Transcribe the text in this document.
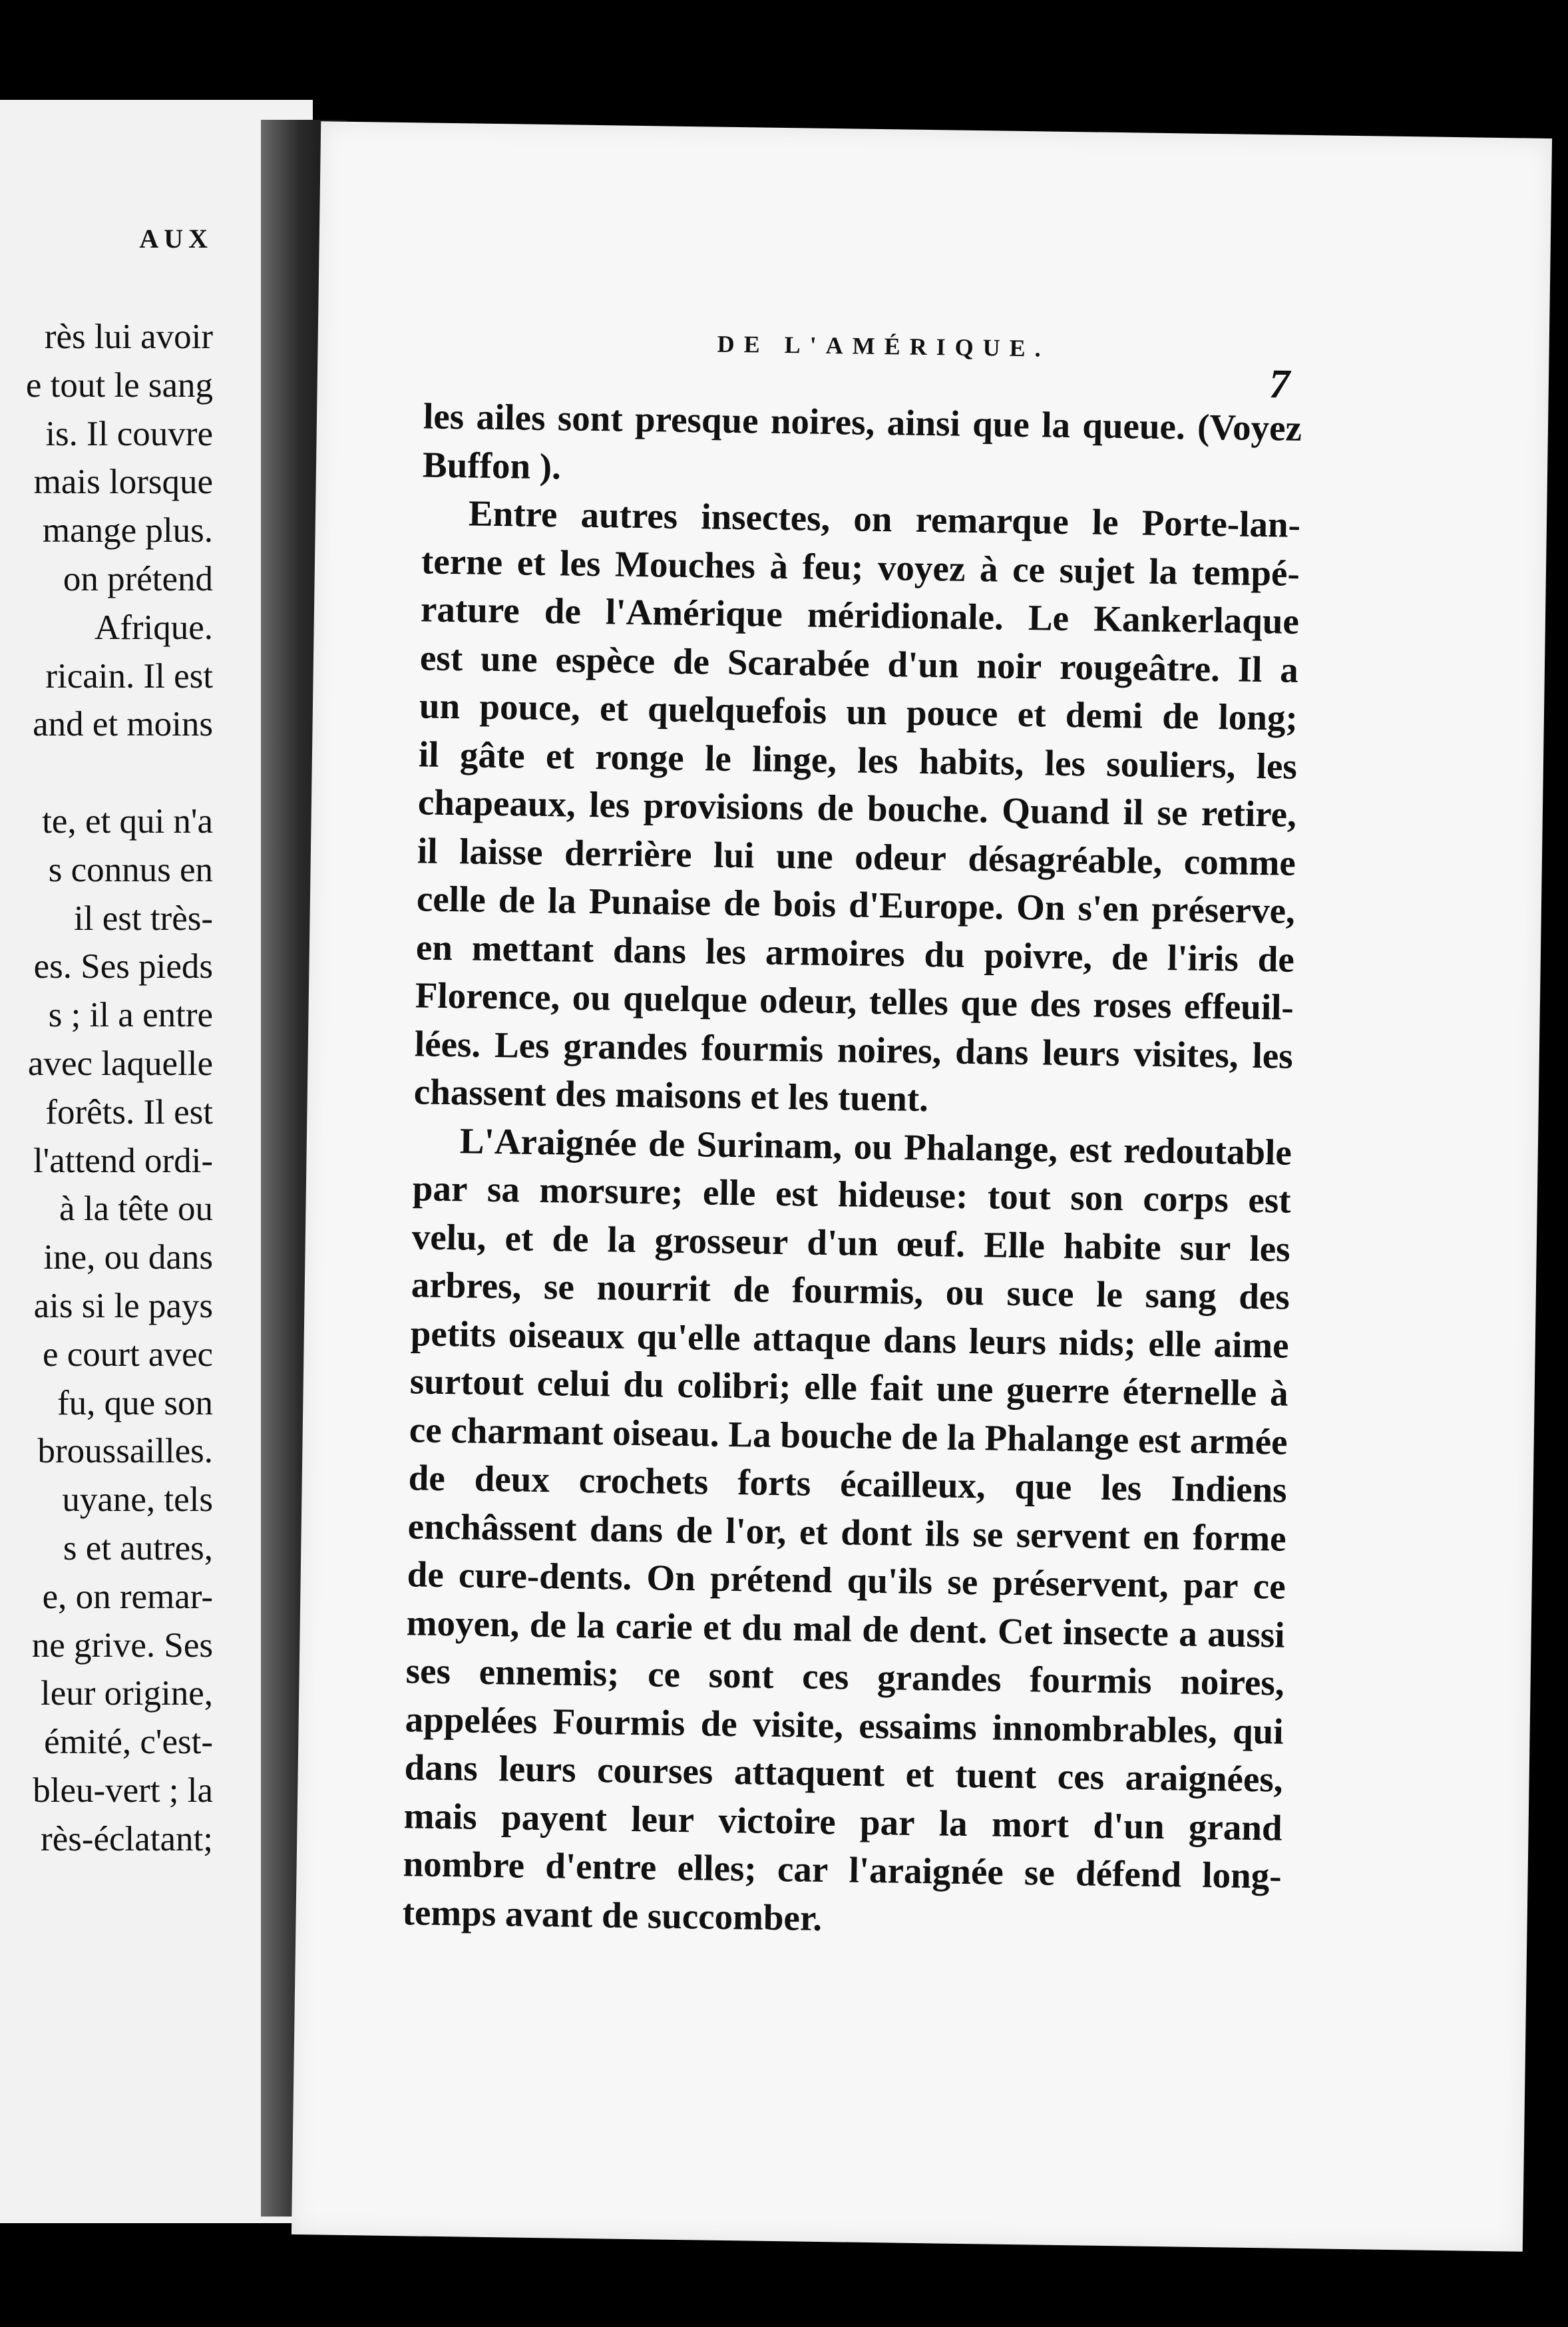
AUX
rès lui avoir
e tout le sang
is. Il couvre
mais lorsque
mange plus.
on prétend
Afrique.
ricain. Il est
and et moins
te, et qui n'a
s connus en
il est très-
es. Ses pieds
s ; il a entre
avec laquelle
forêts. Il est
l'attend ordi-
à la tête ou
ine, ou dans
ais si le pays
e court avec
fu, que son
broussailles.
uyane, tels
s et autres,
e, on remar-
ne grive. Ses
leur origine,
émité, c'est-
bleu-vert ; la
rès-éclatant;
DE L'AMÉRIQUE.
7
les ailes sont presque noires, ainsi que la queue. (Voyez
Buffon ).
Entre autres insectes, on remarque le Porte-lan-
terne et les Mouches à feu; voyez à ce sujet la tempé-
rature de l'Amérique méridionale. Le Kankerlaque
est une espèce de Scarabée d'un noir rougeâtre. Il a
un pouce, et quelquefois un pouce et demi de long;
il gâte et ronge le linge, les habits, les souliers, les
chapeaux, les provisions de bouche. Quand il se retire,
il laisse derrière lui une odeur désagréable, comme
celle de la Punaise de bois d'Europe. On s'en préserve,
en mettant dans les armoires du poivre, de l'iris de
Florence, ou quelque odeur, telles que des roses effeuil-
lées. Les grandes fourmis noires, dans leurs visites, les
chassent des maisons et les tuent.
L'Araignée de Surinam, ou Phalange, est redoutable
par sa morsure; elle est hideuse: tout son corps est
velu, et de la grosseur d'un œuf. Elle habite sur les
arbres, se nourrit de fourmis, ou suce le sang des
petits oiseaux qu'elle attaque dans leurs nids; elle aime
surtout celui du colibri; elle fait une guerre éternelle à
ce charmant oiseau. La bouche de la Phalange est armée
de deux crochets forts écailleux, que les Indiens
enchâssent dans de l'or, et dont ils se servent en forme
de cure-dents. On prétend qu'ils se préservent, par ce
moyen, de la carie et du mal de dent. Cet insecte a aussi
ses ennemis; ce sont ces grandes fourmis noires,
appelées Fourmis de visite, essaims innombrables, qui
dans leurs courses attaquent et tuent ces araignées,
mais payent leur victoire par la mort d'un grand
nombre d'entre elles; car l'araignée se défend long-
temps avant de succomber.
